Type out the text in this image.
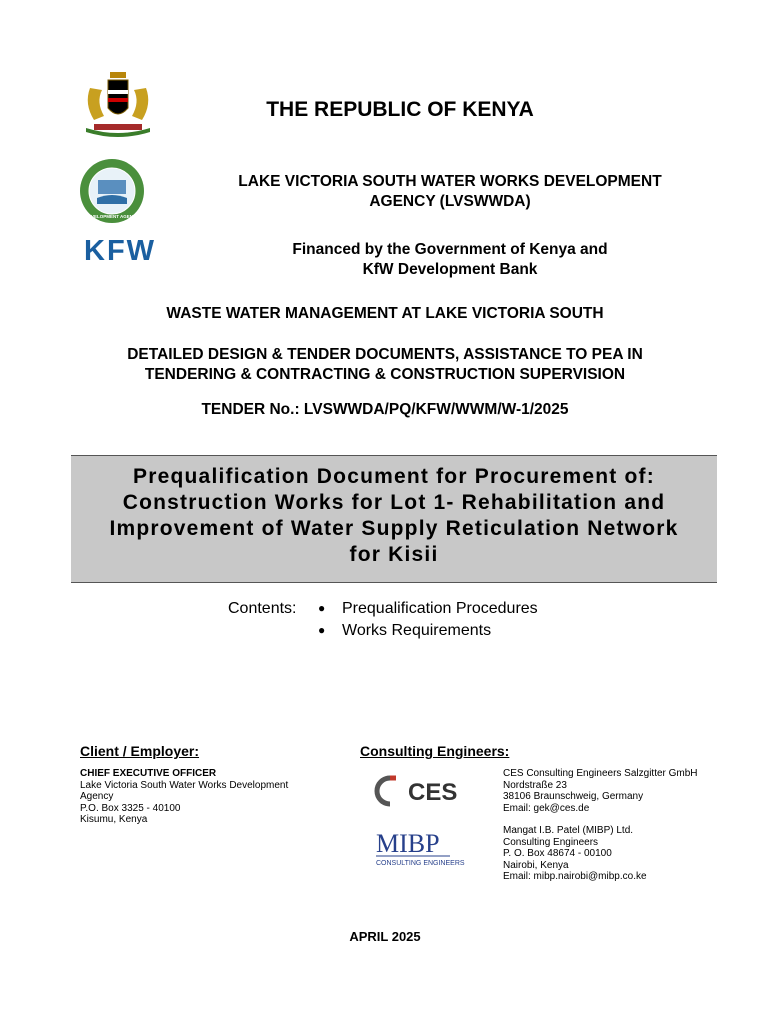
DEVELOPMENT AGENCY
KFW
THE REPUBLIC OF KENYA
LAKE VICTORIA SOUTH WATER WORKS DEVELOPMENT
AGENCY (LVSWWDA)
Financed by the Government of Kenya and
KfW Development Bank
WASTE WATER MANAGEMENT AT LAKE VICTORIA SOUTH
DETAILED DESIGN & TENDER DOCUMENTS, ASSISTANCE TO PEA IN
TENDERING & CONTRACTING & CONSTRUCTION SUPERVISION
TENDER No.: LVSWWDA/PQ/KFW/WWM/W-1/2025
Prequalification Document for Procurement of:
Construction Works for Lot 1- Rehabilitation and
Improvement of Water Supply Reticulation Network
for Kisii
Contents: ● Prequalification Procedures
● Works Requirements
Client / Employer:	Consulting Engineers:
CHIEF EXECUTIVE OFFICER
Lake Victoria South Water Works Development
Agency
P.O. Box 3325 - 40100
Kisumu, Kenya
CES
CES Consulting Engineers Salzgitter GmbH
Nordstraße 23
38106 Braunschweig, Germany
Email: gek@ces.de
MIBP
CONSULTING ENGINEERS
Mangat I.B. Patel (MIBP) Ltd.
Consulting Engineers
P. O. Box 48674 - 00100
Nairobi, Kenya
Email: mibp.nairobi@mibp.co.ke
APRIL 2025
